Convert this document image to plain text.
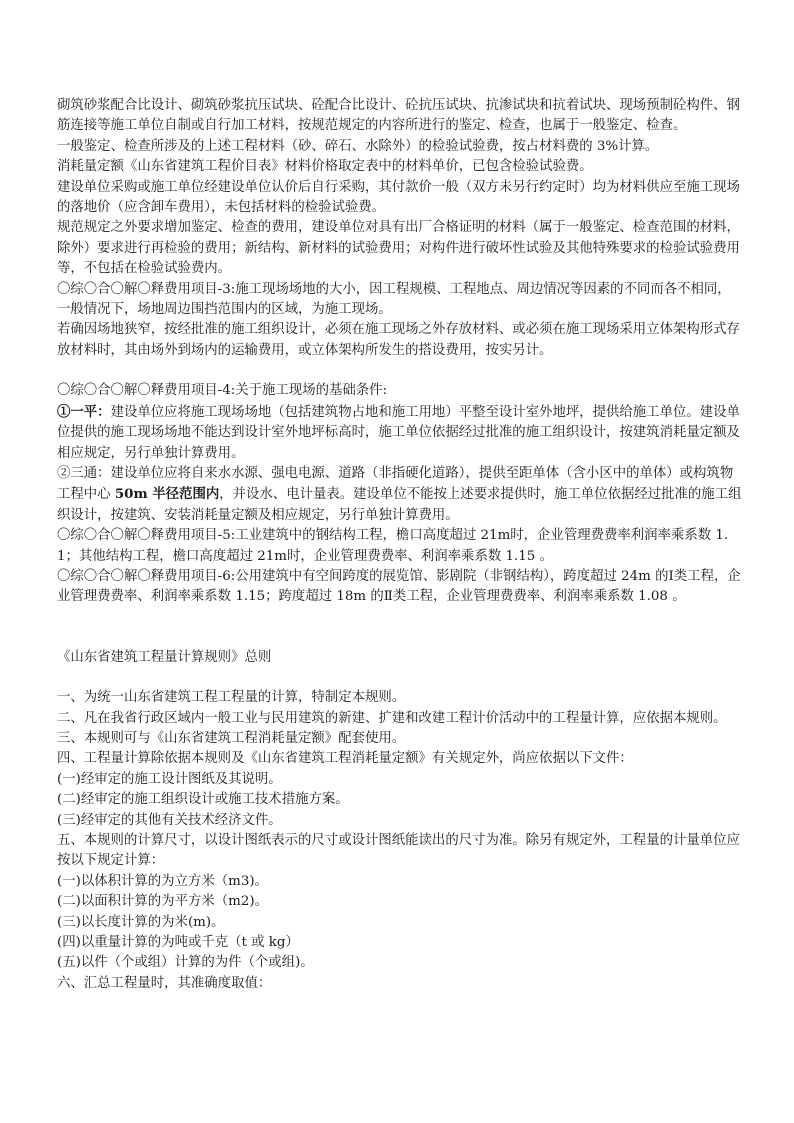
砌筑砂浆配合比设计、砌筑砂浆抗压试块、砼配合比设计、砼抗压试块、抗渗试块和抗着试块、现场预制砼构件、钢筋连接等施工单位自制或自行加工材料，按规范规定的内容所进行的鉴定、检查，也属于一般鉴定、检查。

一般鉴定、检查所涉及的上述工程材料（砂、碎石、水除外）的检验试验费，按占材料费的 3%计算。

消耗量定额《山东省建筑工程价目表》材料价格取定表中的材料单价，已包含检验试验费。

建设单位采购或施工单位经建设单位认价后自行采购，其付款价一般（双方未另行约定时）均为材料供应至施工现场的落地价（应含卸车费用），未包括材料的检验试验费。

规范规定之外要求增加鉴定、检查的费用，建设单位对具有出厂合格证明的材料（属于一般鉴定、检查范围的材料，除外）要求进行再检验的费用；新结构、新材料的试验费用；对构件进行破坏性试验及其他特殊要求的检验试验费用等，不包括在检验试验费内。

〇综〇合〇解〇释费用项目-3:施工现场场地的大小，因工程规模、工程地点、周边情况等因素的不同而各不相同，一般情况下，场地周边围挡范围内的区域，为施工现场。

若确因场地狭窄，按经批准的施工组织设计，必须在施工现场之外存放材料、或必须在施工现场采用立体架构形式存放材料时，其由场外到场内的运输费用，或立体架构所发生的搭设费用，按实另计。

〇综〇合〇解〇释费用项目-4:关于施工现场的基础条件:

①一平：建设单位应将施工现场场地（包括建筑物占地和施工用地）平整至设计室外地坪，提供给施工单位。建设单位提供的施工现场场地不能达到设计室外地坪标高时，施工单位依据经过批准的施工组织设计，按建筑消耗量定额及相应规定，另行单独计算费用。

②三通：建设单位应将自来水水源、强电电源、道路（非指硬化道路），提供至距单体（含小区中的单体）或构筑物工程中心 50m 半径范围内，并设水、电计量表。建设单位不能按上述要求提供时，施工单位依据经过批准的施工组织设计，按建筑、安装消耗量定额及相应规定，另行单独计算费用。

〇综〇合〇解〇释费用项目-5:工业建筑中的钢结构工程，檐口高度超过 21m时，企业管理费费率利润率乘系数 1.1；其他结构工程，檐口高度超过 21m时，企业管理费费率、利润率乘系数 1.15 。

〇综〇合〇解〇释费用项目-6:公用建筑中有空间跨度的展览馆、影剧院（非钢结构），跨度超过 24m 的Ⅰ类工程，企业管理费费率、利润率乘系数 1.15；跨度超过 18m 的Ⅱ类工程，企业管理费费率、利润率乘系数 1.08 。

《山东省建筑工程量计算规则》总则

一、为统一山东省建筑工程工程量的计算，特制定本规则。

二、凡在我省行政区域内一般工业与民用建筑的新建、扩建和改建工程计价活动中的工程量计算，应依据本规则。

三、本规则可与《山东省建筑工程消耗量定额》配套使用。

四、工程量计算除依据本规则及《山东省建筑工程消耗量定额》有关规定外，尚应依据以下文件：

(一)经审定的施工设计图纸及其说明。

(二)经审定的施工组织设计或施工技术措施方案。

(三)经审定的其他有关技术经济文件。

五、本规则的计算尺寸，以设计图纸表示的尺寸或设计图纸能读出的尺寸为准。除另有规定外，工程量的计量单位应按以下规定计算：

(一)以体积计算的为立方米（m3)。

(二)以面积计算的为平方米（m2)。

(三)以长度计算的为米(m)。

(四)以重量计算的为吨或千克（t 或 kg）

(五)以件（个或组）计算的为件（个或组)。

六、汇总工程量时，其准确度取值：
